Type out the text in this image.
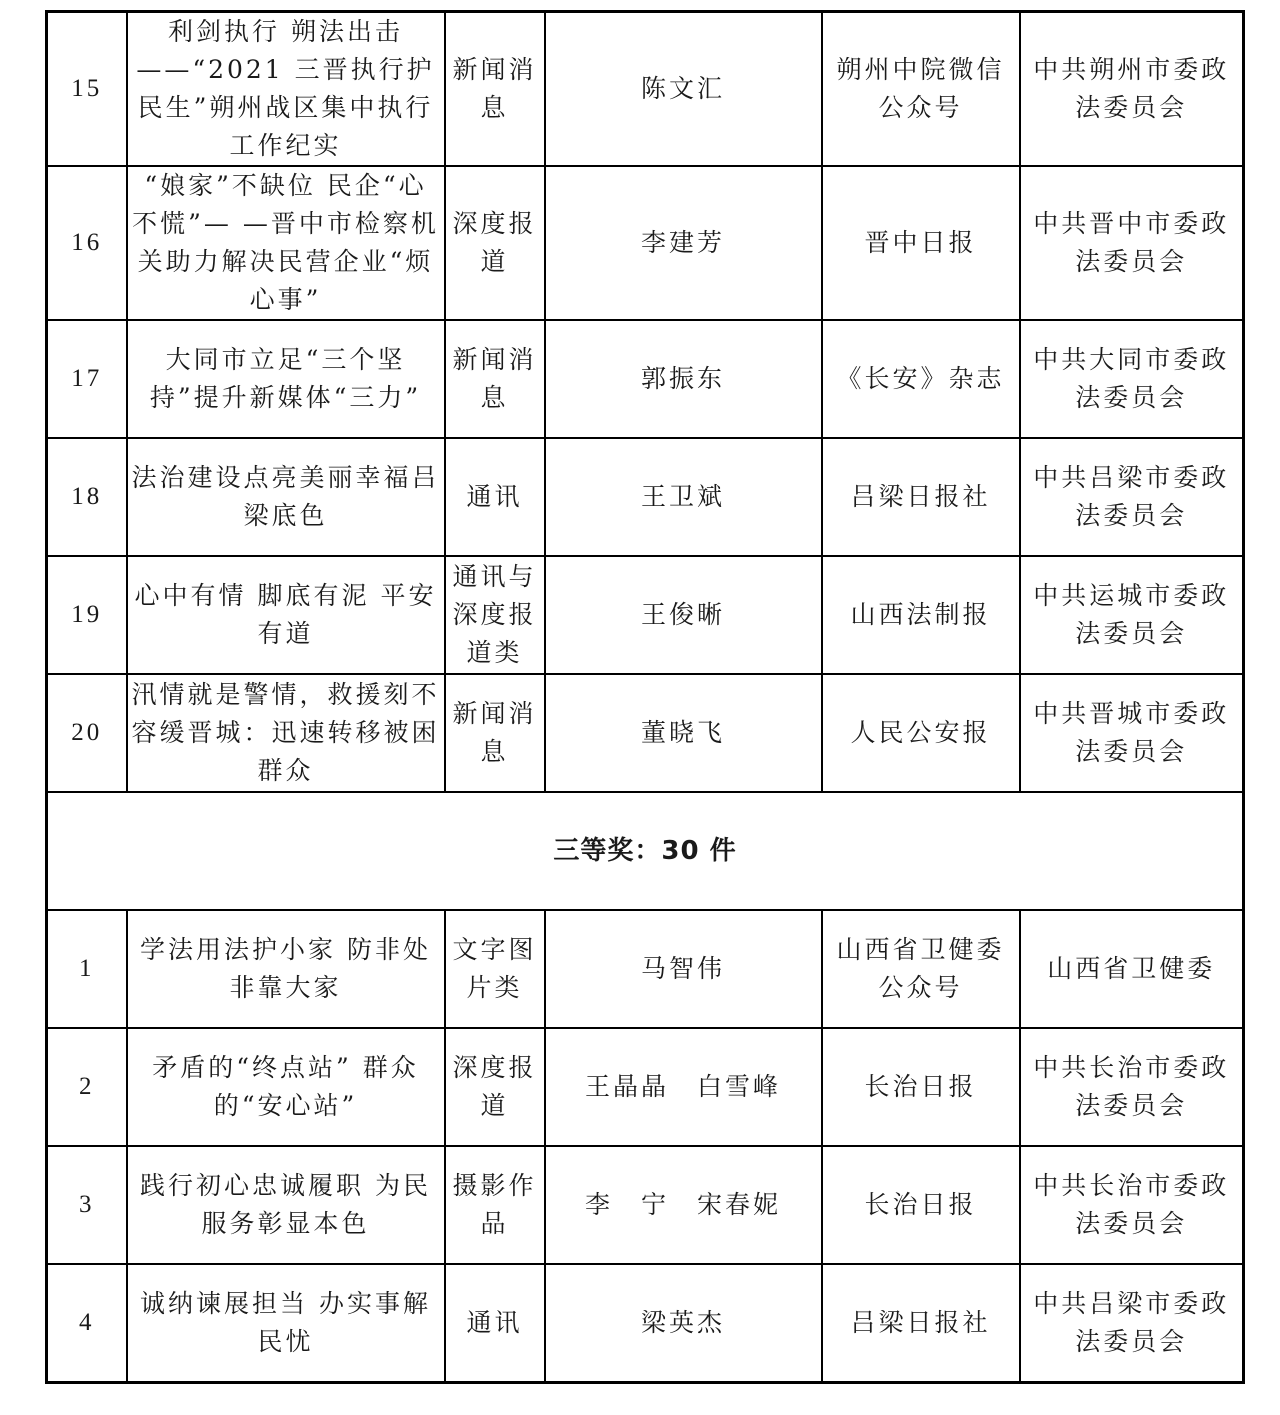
15	利剑执行 朔法出击——“2021 三晋执行护民生”朔州战区集中执行工作纪实	新闻消息	陈文汇	朔州中院微信公众号	中共朔州市委政法委员会
16	“娘家”不缺位 民企“心不慌”— —晋中市检察机关助力解决民营企业“烦心事”	深度报道	李建芳	晋中日报	中共晋中市委政法委员会
17	大同市立足“三个坚持”提升新媒体“三力”	新闻消息	郭振东	《长安》杂志	中共大同市委政法委员会
18	法治建设点亮美丽幸福吕梁底色	通讯	王卫斌	吕梁日报社	中共吕梁市委政法委员会
19	心中有情 脚底有泥 平安有道	通讯与深度报道类	王俊晰	山西法制报	中共运城市委政法委员会
20	汛情就是警情，救援刻不容缓晋城：迅速转移被困群众	新闻消息	董晓飞	人民公安报	中共晋城市委政法委员会
三等奖：30 件					
1	学法用法护小家 防非处非靠大家	文字图片类	马智伟	山西省卫健委公众号	山西省卫健委
2	矛盾的“终点站” 群众的“安心站”	深度报道	王晶晶　白雪峰	长治日报	中共长治市委政法委员会
3	践行初心忠诚履职 为民服务彰显本色	摄影作品	李　宁　宋春妮	长治日报	中共长治市委政法委员会
4	诚纳谏展担当 办实事解民忧	通讯	梁英杰	吕梁日报社	中共吕梁市委政法委员会
